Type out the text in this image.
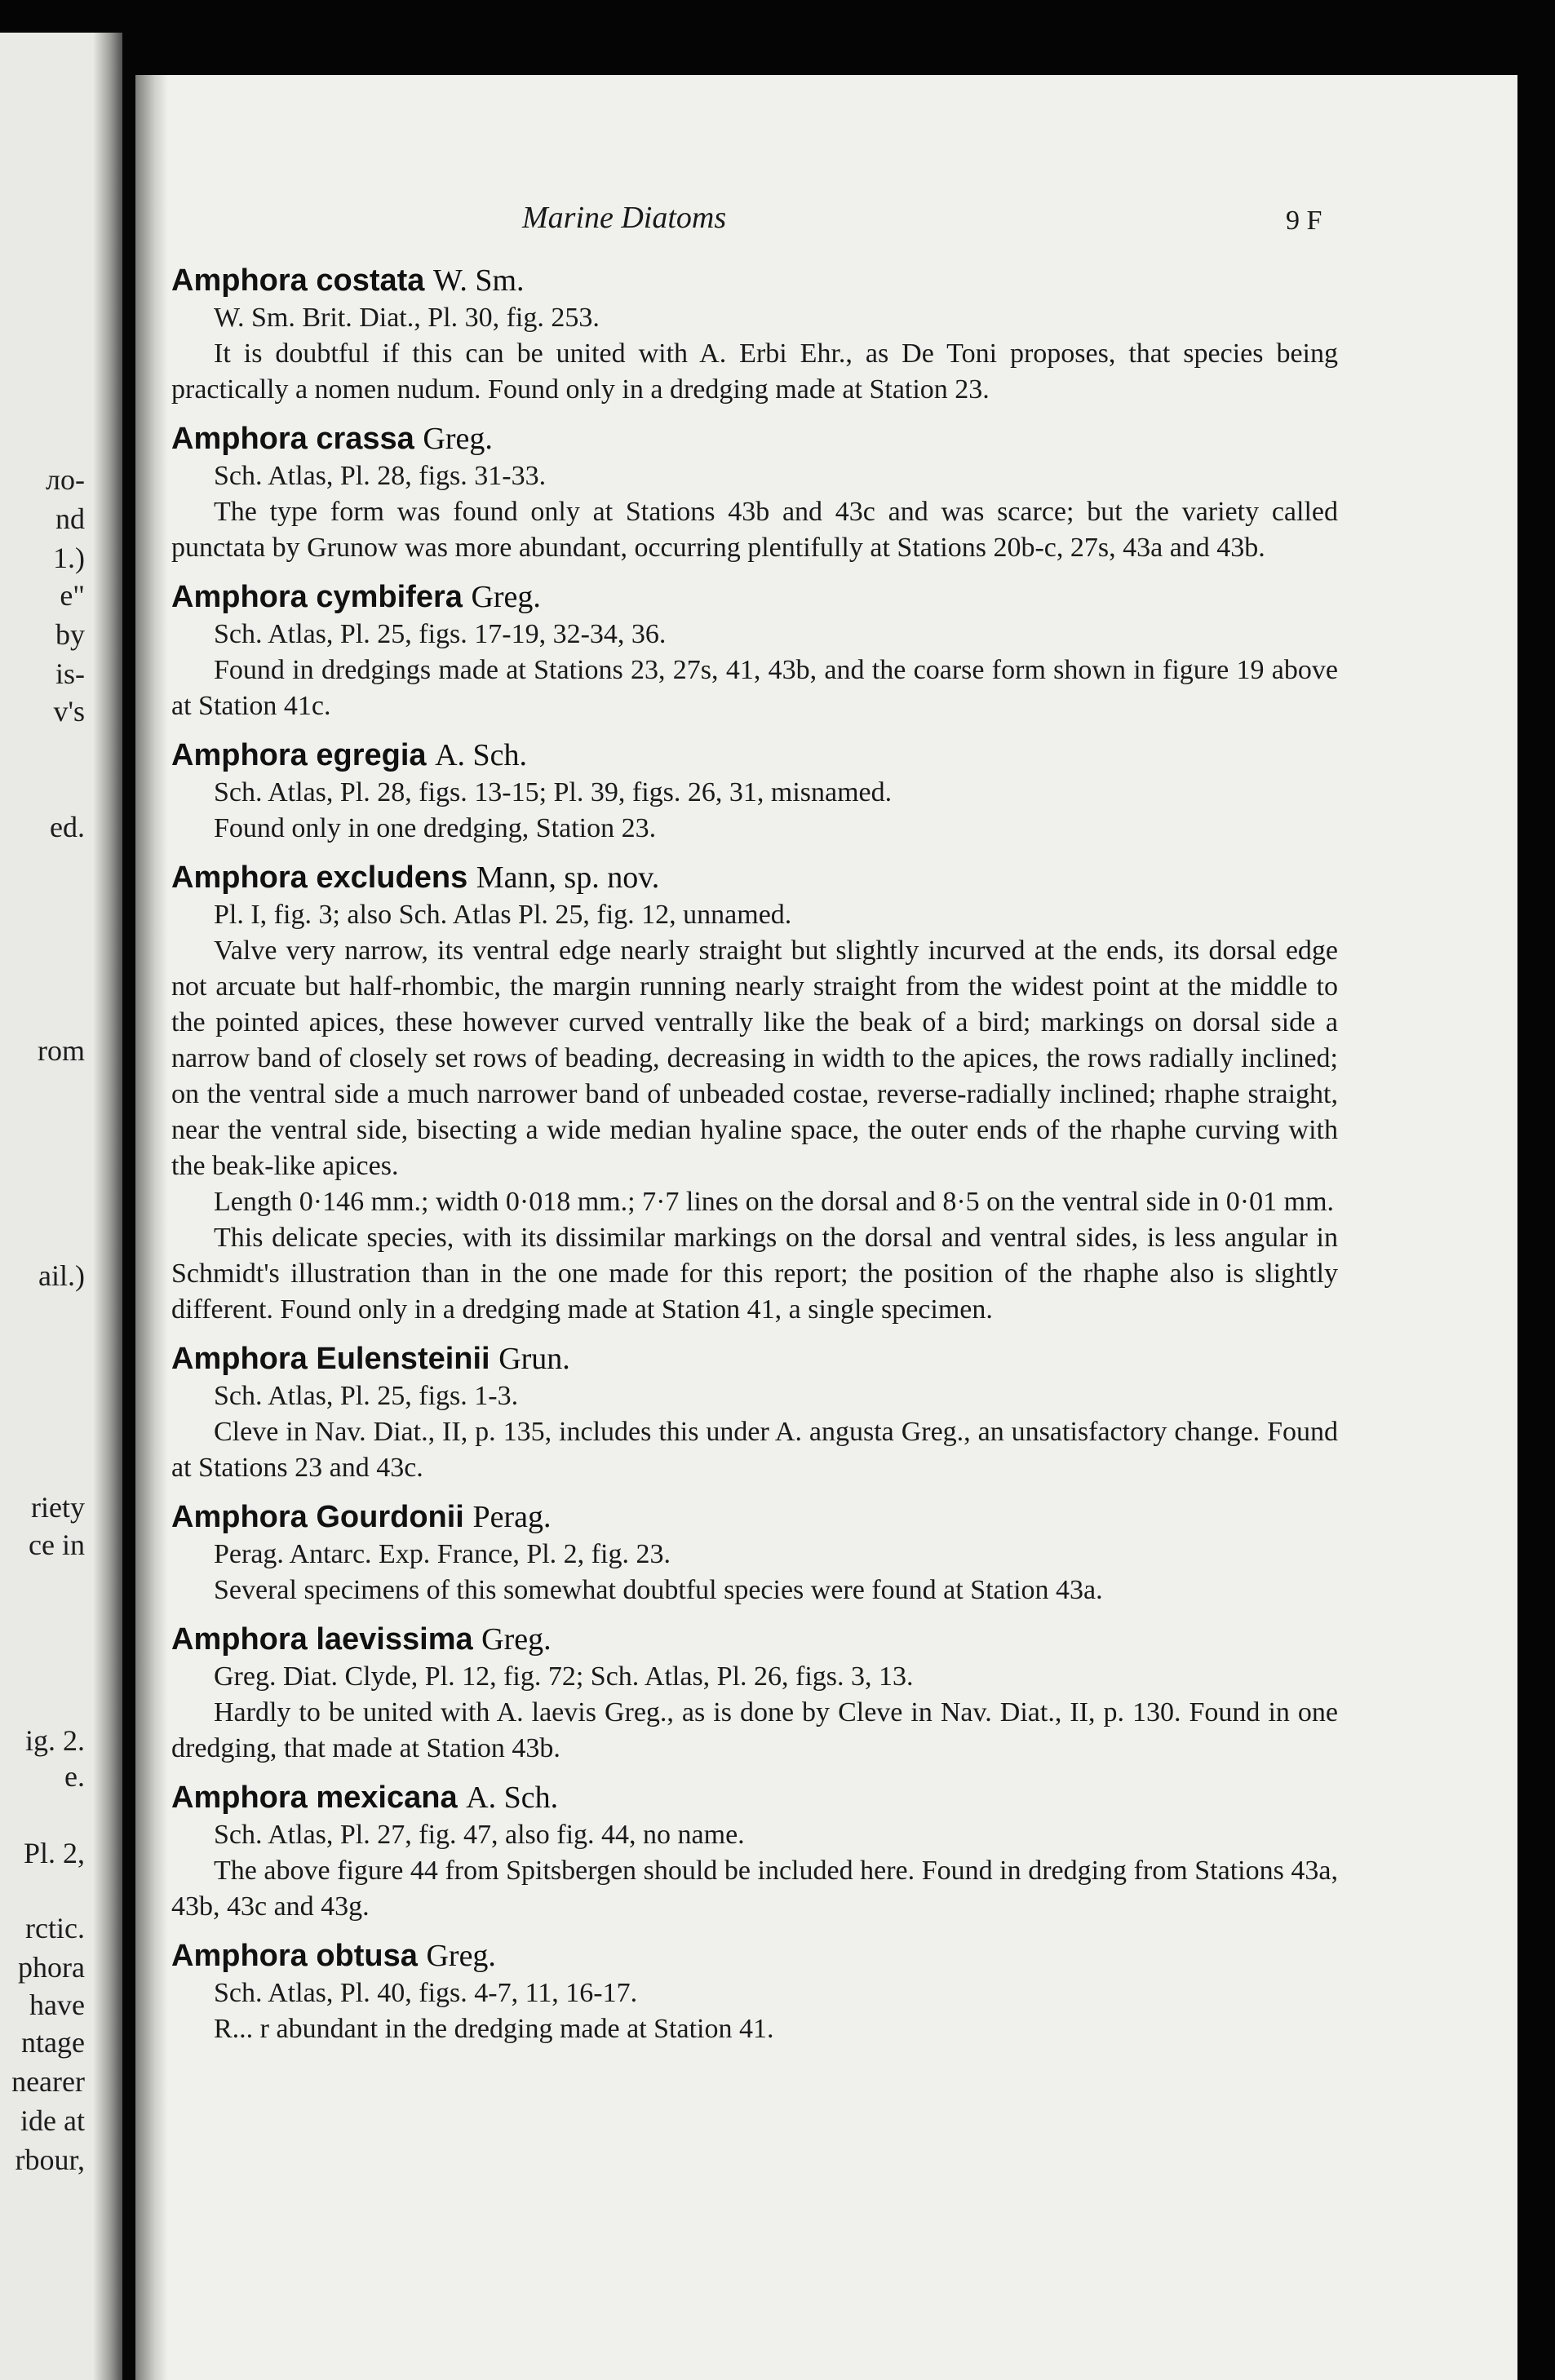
ло-
nd
1.)
e"
by
is-
v's
ed.
rom
ail.)
riety
ce in
ig. 2.
e.
Pl. 2,
rctic.
phora
have
ntage
nearer
ide at
rbour,
Marine Diatoms	9 F
Amphora costata W. Sm.
W. Sm. Brit. Diat., Pl. 30, fig. 253.

It is doubtful if this can be united with A. Erbi Ehr., as De Toni proposes, that species being practically a nomen nudum. Found only in a dredging made at Station 23.

Amphora crassa Greg.
Sch. Atlas, Pl. 28, figs. 31-33.

The type form was found only at Stations 43b and 43c and was scarce; but the variety called punctata by Grunow was more abundant, occurring plentifully at Stations 20b-c, 27s, 43a and 43b.

Amphora cymbifera Greg.
Sch. Atlas, Pl. 25, figs. 17-19, 32-34, 36.

Found in dredgings made at Stations 23, 27s, 41, 43b, and the coarse form shown in figure 19 above at Station 41c.

Amphora egregia A. Sch.
Sch. Atlas, Pl. 28, figs. 13-15; Pl. 39, figs. 26, 31, misnamed.

Found only in one dredging, Station 23.

Amphora excludens Mann, sp. nov.
Pl. I, fig. 3; also Sch. Atlas Pl. 25, fig. 12, unnamed.

Valve very narrow, its ventral edge nearly straight but slightly incurved at the ends, its dorsal edge not arcuate but half-rhombic, the margin running nearly straight from the widest point at the middle to the pointed apices, these however curved ventrally like the beak of a bird; markings on dorsal side a narrow band of closely set rows of beading, decreasing in width to the apices, the rows radially inclined; on the ventral side a much narrower band of unbeaded costae, reverse-radially inclined; rhaphe straight, near the ventral side, bisecting a wide median hyaline space, the outer ends of the rhaphe curving with the beak-like apices.

Length 0·146 mm.; width 0·018 mm.; 7·7 lines on the dorsal and 8·5 on the ventral side in 0·01 mm.

This delicate species, with its dissimilar markings on the dorsal and ventral sides, is less angular in Schmidt's illustration than in the one made for this report; the position of the rhaphe also is slightly different. Found only in a dredging made at Station 41, a single specimen.

Amphora Eulensteinii Grun.
Sch. Atlas, Pl. 25, figs. 1-3.

Cleve in Nav. Diat., II, p. 135, includes this under A. angusta Greg., an unsatisfactory change. Found at Stations 23 and 43c.

Amphora Gourdonii Perag.
Perag. Antarc. Exp. France, Pl. 2, fig. 23.

Several specimens of this somewhat doubtful species were found at Station 43a.

Amphora laevissima Greg.
Greg. Diat. Clyde, Pl. 12, fig. 72; Sch. Atlas, Pl. 26, figs. 3, 13.

Hardly to be united with A. laevis Greg., as is done by Cleve in Nav. Diat., II, p. 130. Found in one dredging, that made at Station 43b.

Amphora mexicana A. Sch.
Sch. Atlas, Pl. 27, fig. 47, also fig. 44, no name.

The above figure 44 from Spitsbergen should be included here. Found in dredging from Stations 43a, 43b, 43c and 43g.

Amphora obtusa Greg.
Sch. Atlas, Pl. 40, figs. 4-7, 11, 16-17.

R... r abundant in the dredging made at Station 41.
